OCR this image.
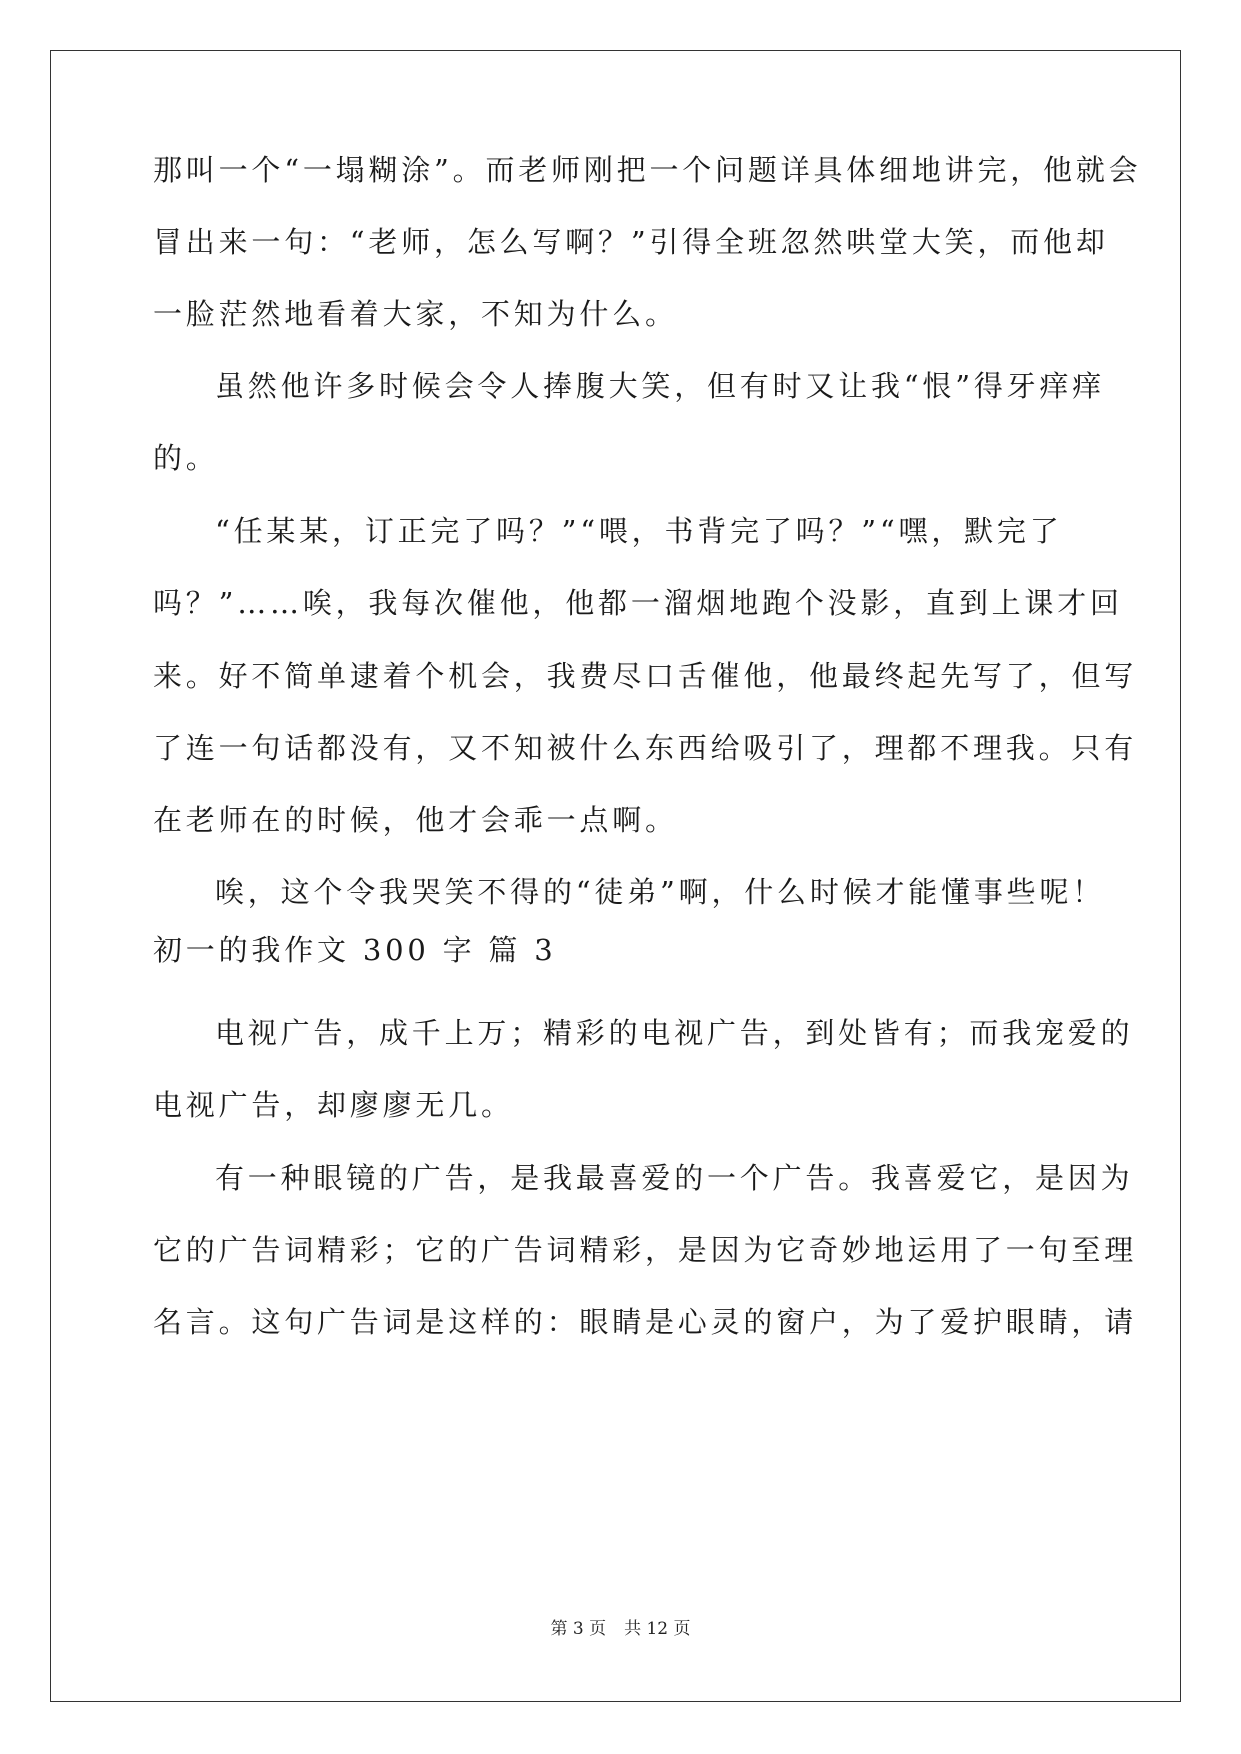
那叫一个“一塌糊涂”。而老师刚把一个问题详具体细地讲完，他就会
冒出来一句：“老师，怎么写啊？”引得全班忽然哄堂大笑，而他却
一脸茫然地看着大家，不知为什么。
虽然他许多时候会令人捧腹大笑，但有时又让我“恨”得牙痒痒
的。
“任某某，订正完了吗？”“喂，书背完了吗？”“嘿，默完了
吗？”……唉，我每次催他，他都一溜烟地跑个没影，直到上课才回
来。好不简单逮着个机会，我费尽口舌催他，他最终起先写了，但写
了连一句话都没有，又不知被什么东西给吸引了，理都不理我。只有
在老师在的时候，他才会乖一点啊。
唉，这个令我哭笑不得的“徒弟”啊，什么时候才能懂事些呢！
初一的我作文 300 字 篇 3
电视广告，成千上万；精彩的电视广告，到处皆有；而我宠爱的
电视广告，却廖廖无几。
有一种眼镜的广告，是我最喜爱的一个广告。我喜爱它，是因为
它的广告词精彩；它的广告词精彩，是因为它奇妙地运用了一句至理
名言。这句广告词是这样的：眼睛是心灵的窗户，为了爱护眼睛，请
第 3 页 共 12 页
